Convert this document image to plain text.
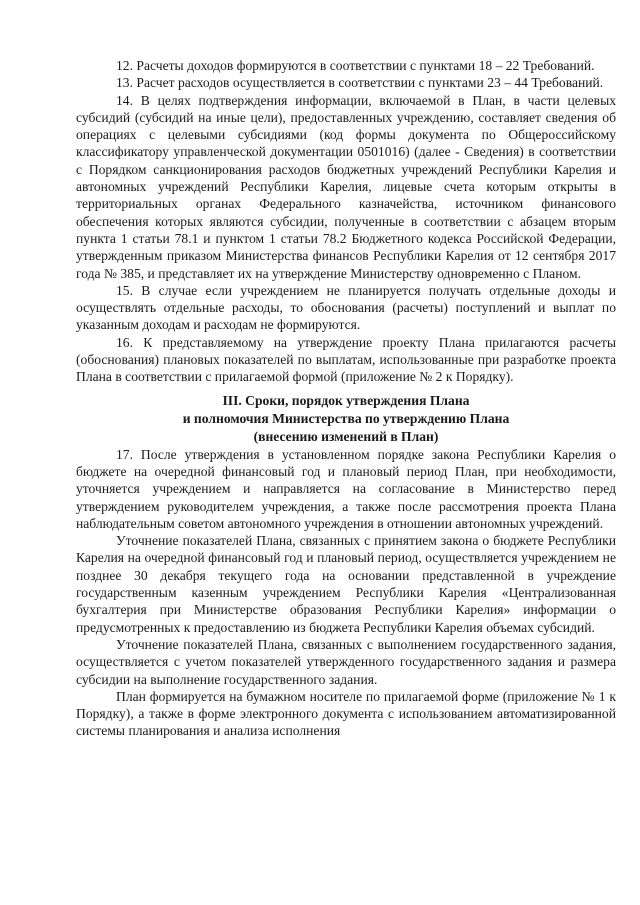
12. Расчеты доходов формируются в соответствии с пунктами 18 – 22 Требований.

13. Расчет расходов осуществляется в соответствии с пунктами 23 – 44 Требований.

14. В целях подтверждения информации, включаемой в План, в части целевых субсидий (субсидий на иные цели), предоставленных учреждению, составляет сведения об операциях с целевыми субсидиями (код формы документа по Общероссийскому классификатору управленческой документации 0501016) (далее - Сведения) в соответствии с Порядком санкционирования расходов бюджетных учреждений Республики Карелия и автономных учреждений Республики Карелия, лицевые счета которым открыты в территориальных органах Федерального казначейства, источником финансового обеспечения которых являются субсидии, полученные в соответствии с абзацем вторым пункта 1 статьи 78.1 и пунктом 1 статьи 78.2 Бюджетного кодекса Российской Федерации, утвержденным приказом Министерства финансов Республики Карелия от 12 сентября 2017 года № 385, и представляет их на утверждение Министерству одновременно с Планом.

15. В случае если учреждением не планируется получать отдельные доходы и осуществлять отдельные расходы, то обоснования (расчеты) поступлений и выплат по указанным доходам и расходам не формируются.

16. К представляемому на утверждение проекту Плана прилагаются расчеты (обоснования) плановых показателей по выплатам, использованные при разработке проекта Плана в соответствии с прилагаемой формой (приложение № 2 к Порядку).

III. Сроки, порядок утверждения Плана
и полномочия Министерства по утверждению Плана
(внесению изменений в План)

17. После утверждения в установленном порядке закона Республики Карелия о бюджете на очередной финансовый год и плановый период План, при необходимости, уточняется учреждением и направляется на согласование в Министерство перед утверждением руководителем учреждения, а также после рассмотрения проекта Плана наблюдательным советом автономного учреждения в отношении автономных учреждений.

Уточнение показателей Плана, связанных с принятием закона о бюджете Республики Карелия на очередной финансовый год и плановый период, осуществляется учреждением не позднее 30 декабря текущего года на основании представленной в учреждение государственным казенным учреждением Республики Карелия «Централизованная бухгалтерия при Министерстве образования Республики Карелия» информации о предусмотренных к предоставлению из бюджета Республики Карелия объемах субсидий.

Уточнение показателей Плана, связанных с выполнением государственного задания, осуществляется с учетом показателей утвержденного государственного задания и размера субсидии на выполнение государственного задания.

План формируется на бумажном носителе по прилагаемой форме (приложение № 1 к Порядку), а также в форме электронного документа с использованием автоматизированной системы планирования и анализа исполнения
